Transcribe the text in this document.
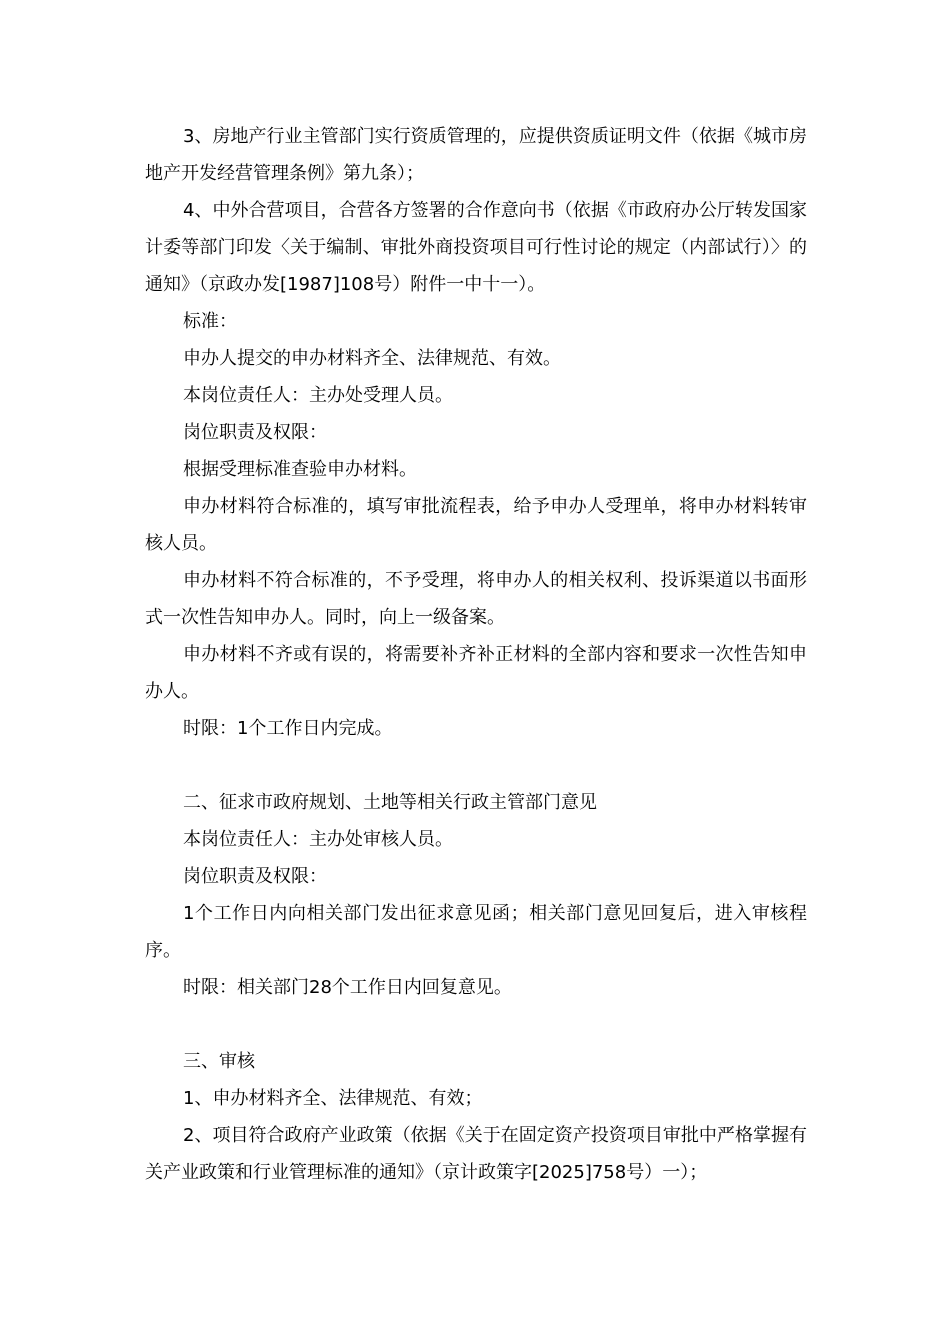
3、房地产行业主管部门实行资质管理的，应提供资质证明文件（依据《城市房地产开发经营管理条例》第九条）；

4、中外合营项目，合营各方签署的合作意向书（依据《市政府办公厅转发国家计委等部门印发〈关于编制、审批外商投资项目可行性讨论的规定（内部试行）〉的通知》（京政办发[1987]108号）附件一中十一）。

标准：

申办人提交的申办材料齐全、法律规范、有效。

本岗位责任人：主办处受理人员。

岗位职责及权限：

根据受理标准查验申办材料。

申办材料符合标准的，填写审批流程表，给予申办人受理单，将申办材料转审核人员。

申办材料不符合标准的，不予受理，将申办人的相关权利、投诉渠道以书面形式一次性告知申办人。同时，向上一级备案。

申办材料不齐或有误的，将需要补齐补正材料的全部内容和要求一次性告知申办人。

时限：1个工作日内完成。

二、征求市政府规划、土地等相关行政主管部门意见

本岗位责任人：主办处审核人员。

岗位职责及权限：

1个工作日内向相关部门发出征求意见函；相关部门意见回复后，进入审核程序。

时限：相关部门28个工作日内回复意见。

三、审核

1、申办材料齐全、法律规范、有效；

2、项目符合政府产业政策（依据《关于在固定资产投资项目审批中严格掌握有关产业政策和行业管理标准的通知》（京计政策字[2025]758号）一）；
